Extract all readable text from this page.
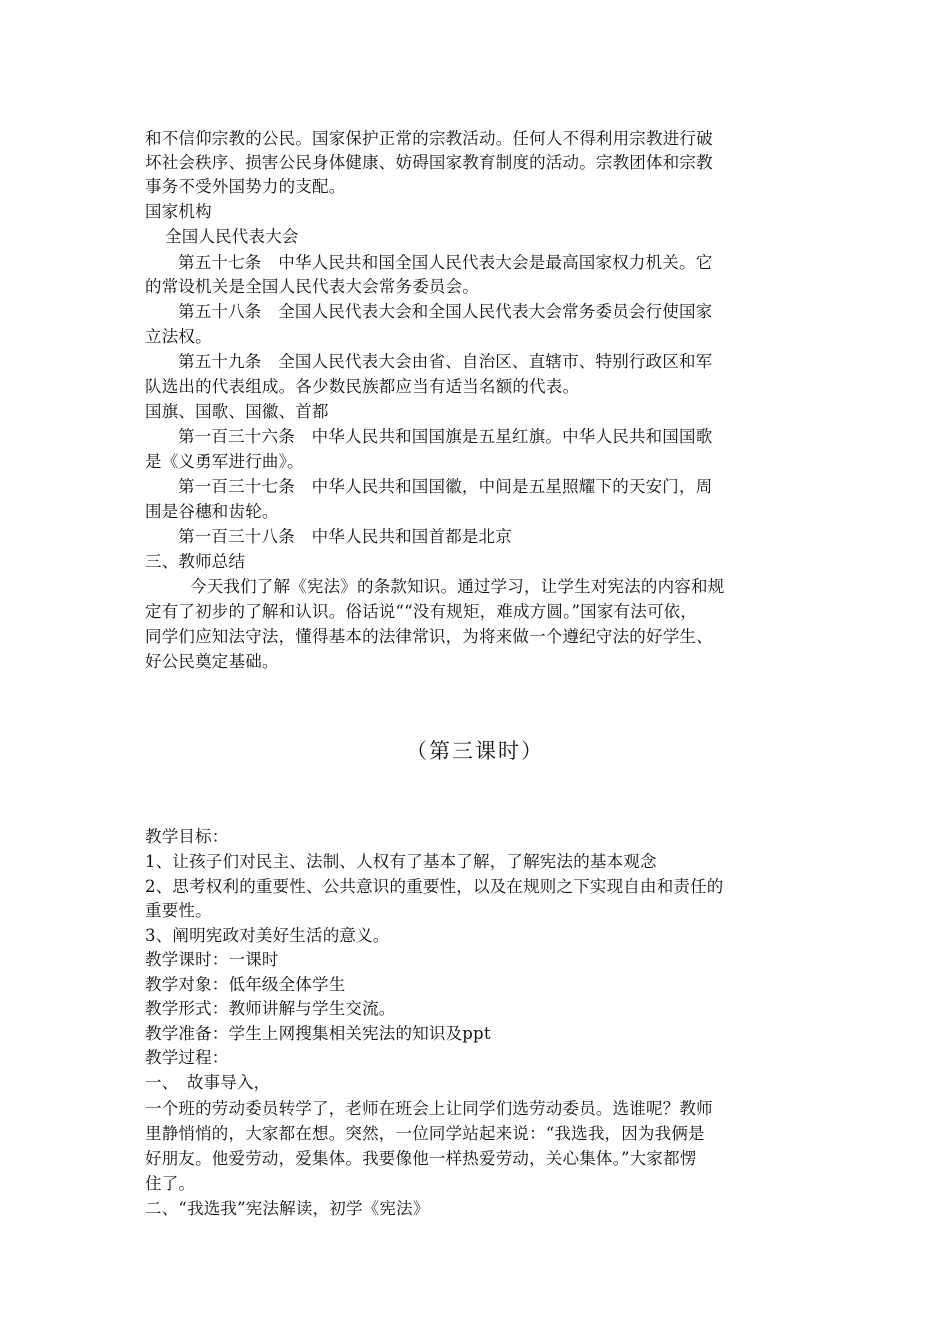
和不信仰宗教的公民。国家保护正常的宗教活动。任何人不得利用宗教进行破
坏社会秩序、损害公民身体健康、妨碍国家教育制度的活动。宗教团体和宗教
事务不受外国势力的支配。
国家机构
全国人民代表大会
第五十七条　中华人民共和国全国人民代表大会是最高国家权力机关。它
的常设机关是全国人民代表大会常务委员会。
第五十八条　全国人民代表大会和全国人民代表大会常务委员会行使国家
立法权。
第五十九条　全国人民代表大会由省、自治区、直辖市、特别行政区和军
队选出的代表组成。各少数民族都应当有适当名额的代表。
国旗、国歌、国徽、首都
第一百三十六条　中华人民共和国国旗是五星红旗。中华人民共和国国歌
是《义勇军进行曲》。
第一百三十七条　中华人民共和国国徽，中间是五星照耀下的天安门，周
围是谷穗和齿轮。
第一百三十八条　中华人民共和国首都是北京
三、教师总结
今天我们了解《宪法》的条款知识。通过学习，让学生对宪法的内容和规
定有了初步的了解和认识。俗话说““没有规矩，难成方圆。”国家有法可依，
同学们应知法守法，懂得基本的法律常识，为将来做一个遵纪守法的好学生、
好公民奠定基础。
（第三课时）
教学目标：
1、让孩子们对民主、法制、人权有了基本了解，了解宪法的基本观念
2、思考权利的重要性、公共意识的重要性，以及在规则之下实现自由和责任的
重要性。
3、阐明宪政对美好生活的意义。
教学课时：一课时
教学对象：低年级全体学生
教学形式：教师讲解与学生交流。
教学准备：学生上网搜集相关宪法的知识及ppt
教学过程：
一、　故事导入，
一个班的劳动委员转学了，老师在班会上让同学们选劳动委员。选谁呢？教师
里静悄悄的，大家都在想。突然，一位同学站起来说：“我选我，因为我俩是
好朋友。他爱劳动，爱集体。我要像他一样热爱劳动，关心集体。”大家都愣
住了。
二、“我选我”宪法解读，初学《宪法》
